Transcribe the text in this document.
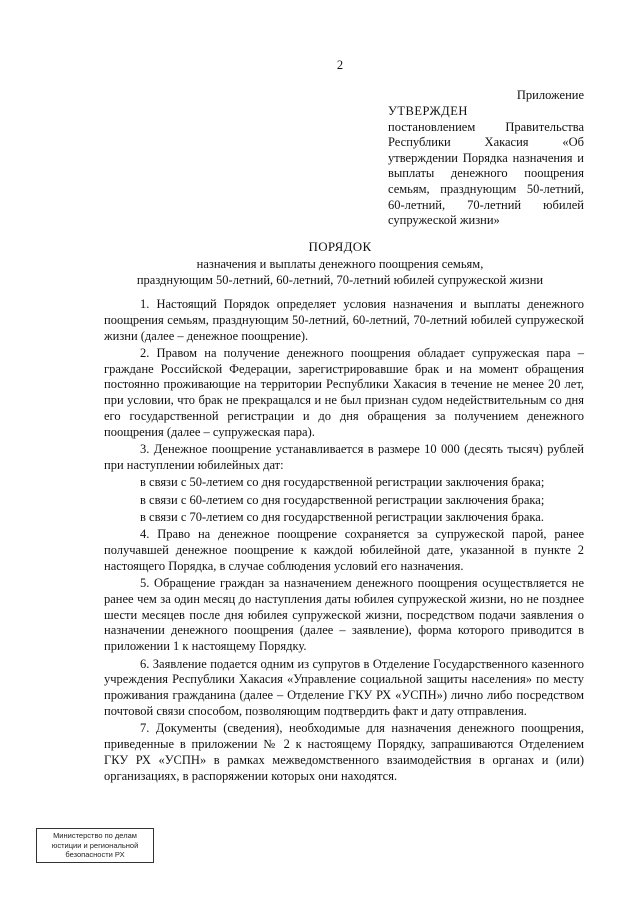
2
Приложение
УТВЕРЖДЕН
постановлением Правительства Республики Хакасия «Об утверждении Порядка назначения и выплаты денежного поощрения семьям, празднующим 50-летний, 60-летний, 70-летний юбилей супружеской жизни»
ПОРЯДОК
назначения и выплаты денежного поощрения семьям,
празднующим 50-летний, 60-летний, 70-летний юбилей супружеской жизни

1. Настоящий Порядок определяет условия назначения и выплаты денежного поощрения семьям, празднующим 50-летний, 60-летний, 70-летний юбилей супружеской жизни (далее – денежное поощрение).

2. Правом на получение денежного поощрения обладает супружеская пара – граждане Российской Федерации, зарегистрировавшие брак и на момент обращения постоянно проживающие на территории Республики Хакасия в течение не менее 20 лет, при условии, что брак не прекращался и не был признан судом недействительным со дня его государственной регистрации и до дня обращения за получением денежного поощрения (далее – супружеская пара).

3. Денежное поощрение устанавливается в размере 10 000 (десять тысяч) рублей при наступлении юбилейных дат:

в связи с 50-летием со дня государственной регистрации заключения брака;

в связи с 60-летием со дня государственной регистрации заключения брака;

в связи с 70-летием со дня государственной регистрации заключения брака.

4. Право на денежное поощрение сохраняется за супружеской парой, ранее получавшей денежное поощрение к каждой юбилейной дате, указанной в пункте 2 настоящего Порядка, в случае соблюдения условий его назначения.

5. Обращение граждан за назначением денежного поощрения осуществляется не ранее чем за один месяц до наступления даты юбилея супружеской жизни, но не позднее шести месяцев после дня юбилея супружеской жизни, посредством подачи заявления о назначении денежного поощрения (далее – заявление), форма которого приводится в приложении 1 к настоящему Порядку.

6. Заявление подается одним из супругов в Отделение Государственного казенного учреждения Республики Хакасия «Управление социальной защиты населения» по месту проживания гражданина (далее – Отделение ГКУ РХ «УСПН») лично либо посредством почтовой связи способом, позволяющим подтвердить факт и дату отправления.

7. Документы (сведения), необходимые для назначения денежного поощрения, приведенные в приложении № 2 к настоящему Порядку, запрашиваются Отделением ГКУ РХ «УСПН» в рамках межведомственного взаимодействия в органах и (или) организациях, в распоряжении которых они находятся.

Министерство по делам
юстиции и региональной
безопасности РХ
